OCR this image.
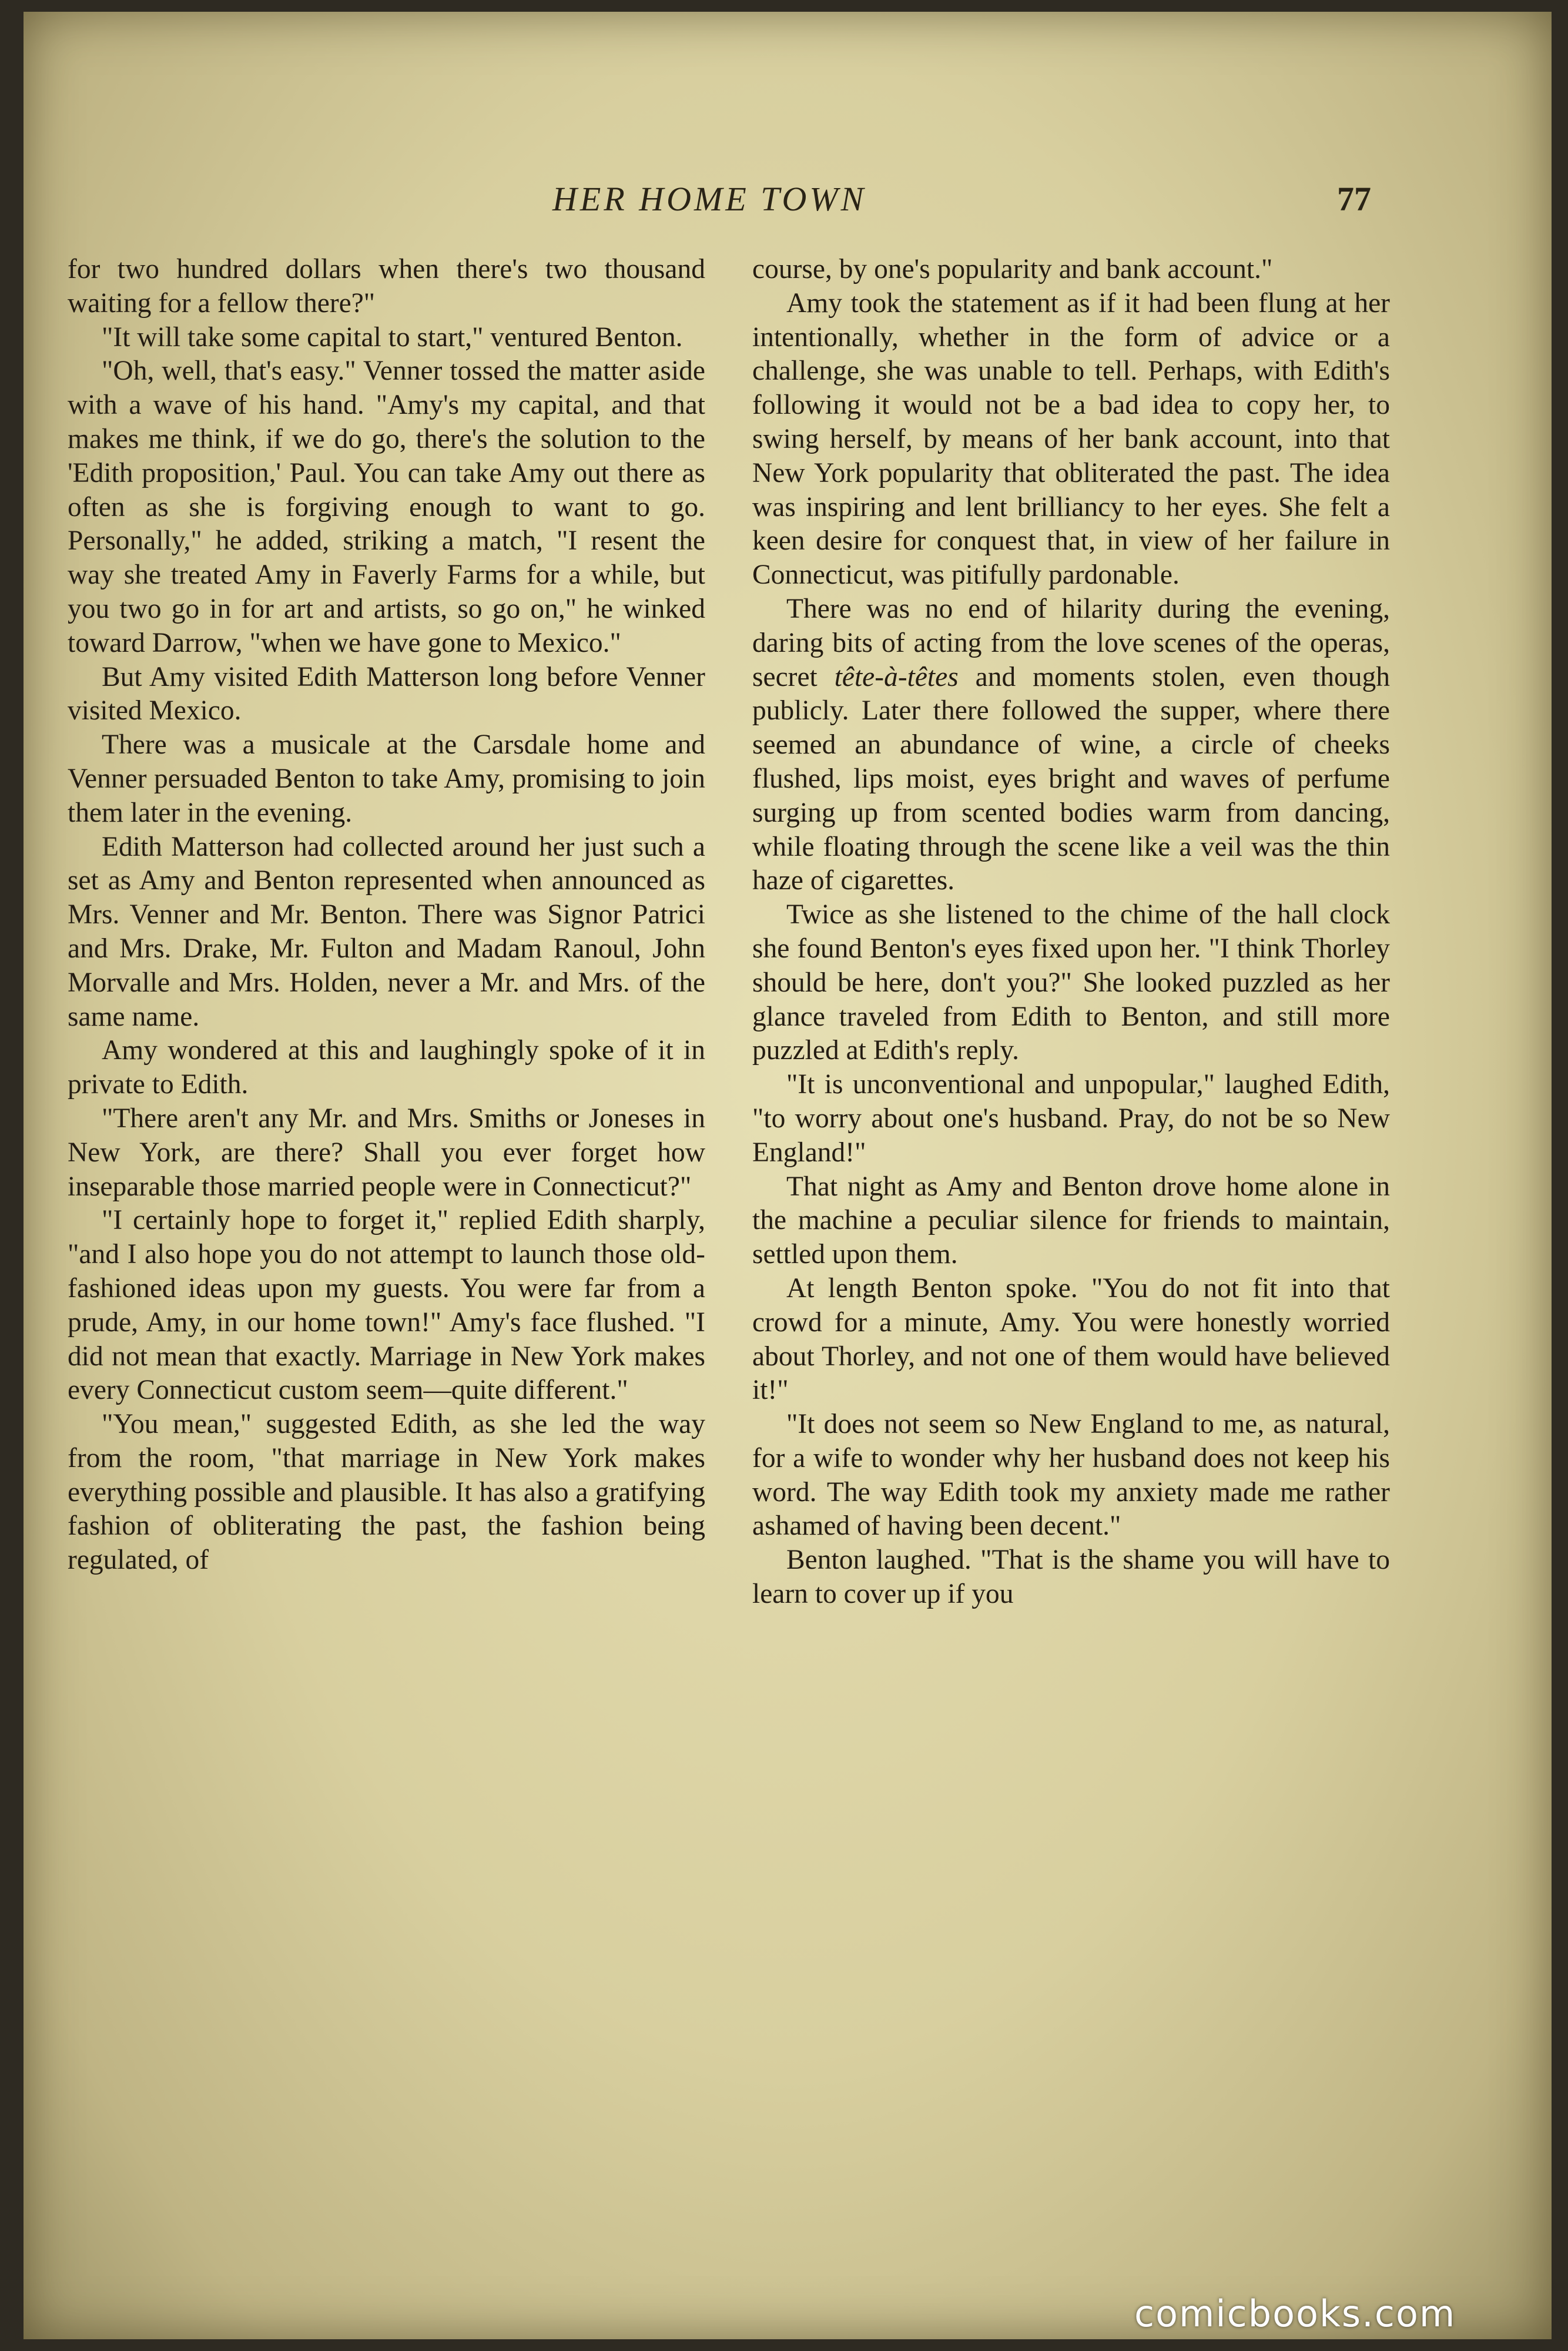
HER HOME TOWN	77

for two hundred dollars when there's two thousand waiting for a fellow there?"

"It will take some capital to start," ventured Benton.

"Oh, well, that's easy." Venner tossed the matter aside with a wave of his hand. "Amy's my capital, and that makes me think, if we do go, there's the solution to the 'Edith proposition,' Paul. You can take Amy out there as often as she is forgiving enough to want to go. Personally," he added, striking a match, "I resent the way she treated Amy in Faverly Farms for a while, but you two go in for art and artists, so go on," he winked toward Darrow, "when we have gone to Mexico."

But Amy visited Edith Matterson long before Venner visited Mexico.

There was a musicale at the Carsdale home and Venner persuaded Benton to take Amy, promising to join them later in the evening.

Edith Matterson had collected around her just such a set as Amy and Benton represented when announced as Mrs. Venner and Mr. Benton. There was Signor Patrici and Mrs. Drake, Mr. Fulton and Madam Ranoul, John Morvalle and Mrs. Holden, never a Mr. and Mrs. of the same name.

Amy wondered at this and laughingly spoke of it in private to Edith.

"There aren't any Mr. and Mrs. Smiths or Joneses in New York, are there? Shall you ever forget how inseparable those married people were in Connecticut?"

"I certainly hope to forget it," replied Edith sharply, "and I also hope you do not attempt to launch those old-fashioned ideas upon my guests. You were far from a prude, Amy, in our home town!" Amy's face flushed. "I did not mean that exactly. Marriage in New York makes every Connecticut custom seem—quite different."

"You mean," suggested Edith, as she led the way from the room, "that marriage in New York makes everything possible and plausible. It has also a gratifying fashion of obliterating the past, the fashion being regulated, of

course, by one's popularity and bank account."

Amy took the statement as if it had been flung at her intentionally, whether in the form of advice or a challenge, she was unable to tell. Perhaps, with Edith's following it would not be a bad idea to copy her, to swing herself, by means of her bank account, into that New York popularity that obliterated the past. The idea was inspiring and lent brilliancy to her eyes. She felt a keen desire for conquest that, in view of her failure in Connecticut, was pitifully pardonable.

There was no end of hilarity during the evening, daring bits of acting from the love scenes of the operas, secret tête-à-têtes and moments stolen, even though publicly. Later there followed the supper, where there seemed an abundance of wine, a circle of cheeks flushed, lips moist, eyes bright and waves of perfume surging up from scented bodies warm from dancing, while floating through the scene like a veil was the thin haze of cigarettes.

Twice as she listened to the chime of the hall clock she found Benton's eyes fixed upon her. "I think Thorley should be here, don't you?" She looked puzzled as her glance traveled from Edith to Benton, and still more puzzled at Edith's reply.

"It is unconventional and unpopular," laughed Edith, "to worry about one's husband. Pray, do not be so New England!"

That night as Amy and Benton drove home alone in the machine a peculiar silence for friends to maintain, settled upon them.

At length Benton spoke. "You do not fit into that crowd for a minute, Amy. You were honestly worried about Thorley, and not one of them would have believed it!"

"It does not seem so New England to me, as natural, for a wife to wonder why her husband does not keep his word. The way Edith took my anxiety made me rather ashamed of having been decent."

Benton laughed. "That is the shame you will have to learn to cover up if you

comicbooks.com
